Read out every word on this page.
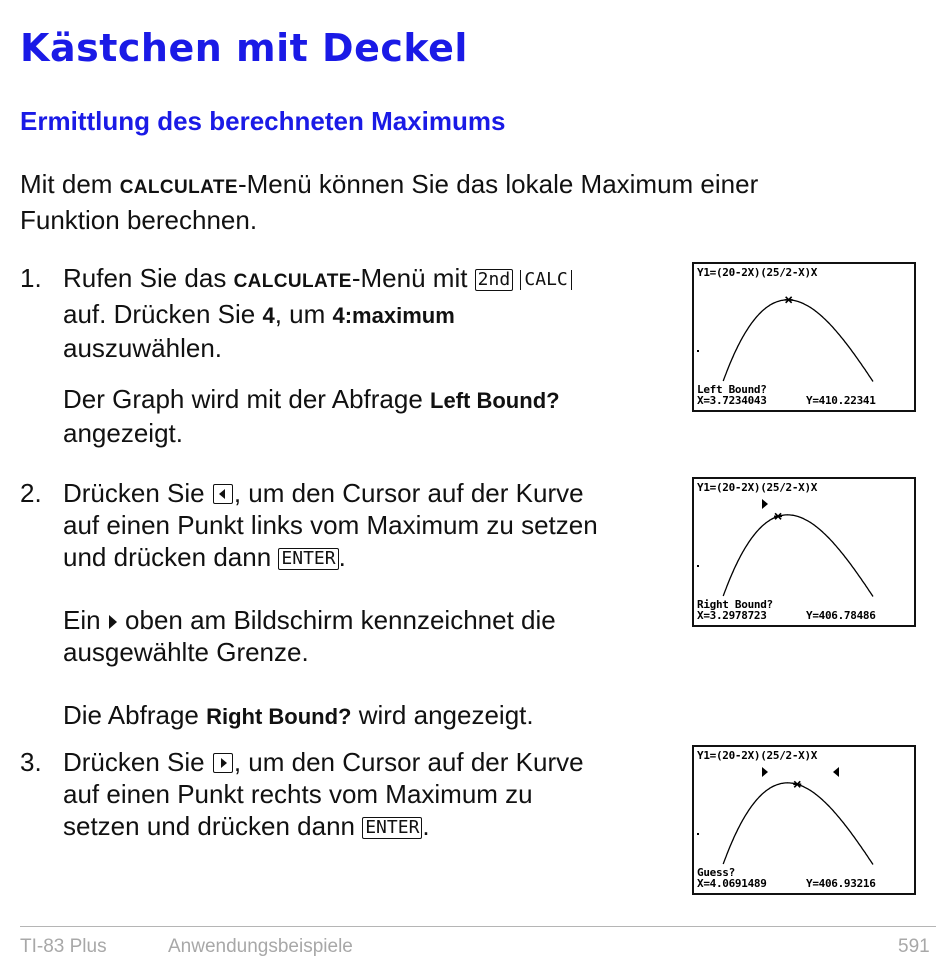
Kästchen mit Deckel
Ermittlung des berechneten Maximums

Mit dem CALCULATE-Menü können Sie das lokale Maximum einer
Funktion berechnen.

1. Rufen Sie das CALCULATE-Menü mit 2nd CALC
auf. Drücken Sie 4, um 4:maximum
auszuwählen.

Der Graph wird mit der Abfrage Left Bound?
angezeigt.

2. Drücken Sie
, um den Cursor auf der Kurve
auf einen Punkt links vom Maximum zu setzen
und drücken dann ENTER .

Ein  oben am Bildschirm kennzeichnet die
ausgewählte Grenze.

Die Abfrage Right Bound? wird angezeigt.

3. Drücken Sie
, um den Cursor auf der Kurve
auf einen Punkt rechts vom Maximum zu
setzen und drücken dann ENTER .

Y1=(20-2X)(25/2-X)X
Left Bound?
X=3.7234043	Y=410.22341
Y1=(20-2X)(25/2-X)X
Right Bound?
X=3.2978723	Y=406.78486
Y1=(20-2X)(25/2-X)X
Guess?
X=4.0691489	Y=406.93216
TI-83 Plus	Anwendungsbeispiele	591
